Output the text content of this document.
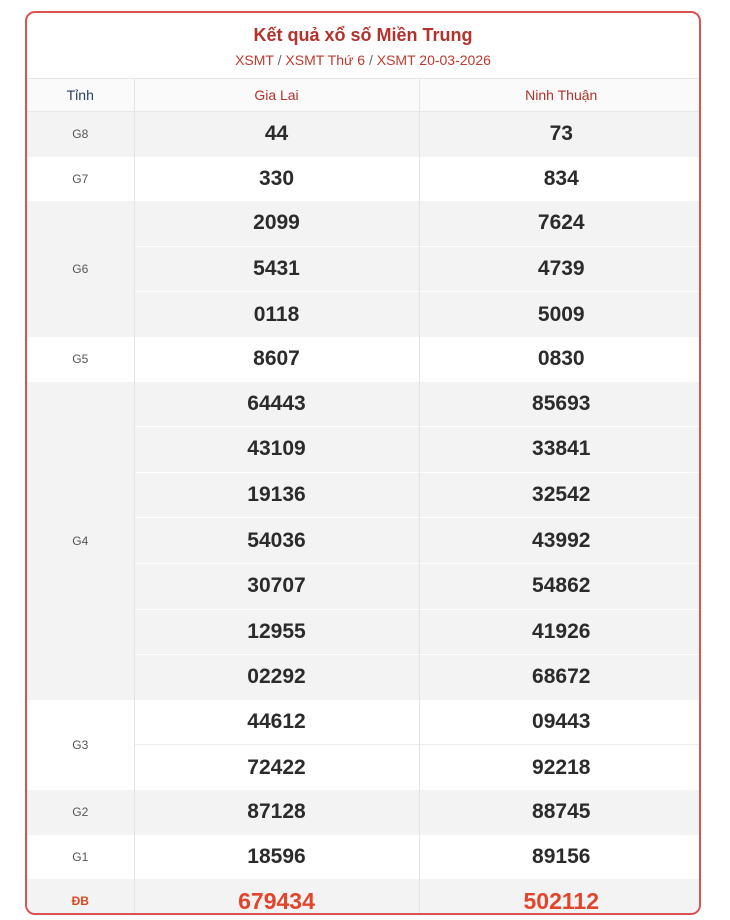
Kết quả xổ số Miền Trung
XSMT / XSMT Thứ 6 / XSMT 20-03-2026
Tỉnh	Gia Lai	Ninh Thuận
G8	44	73
G7	330	834
G6	2099	7624
	5431	4739
	0118	5009
G5	8607	0830
G4	64443	85693
	43109	33841
	19136	32542
	54036	43992
	30707	54862
	12955	41926
	02292	68672
G3	44612	09443
	72422	92218
G2	87128	88745
G1	18596	89156
ĐB	679434	502112
